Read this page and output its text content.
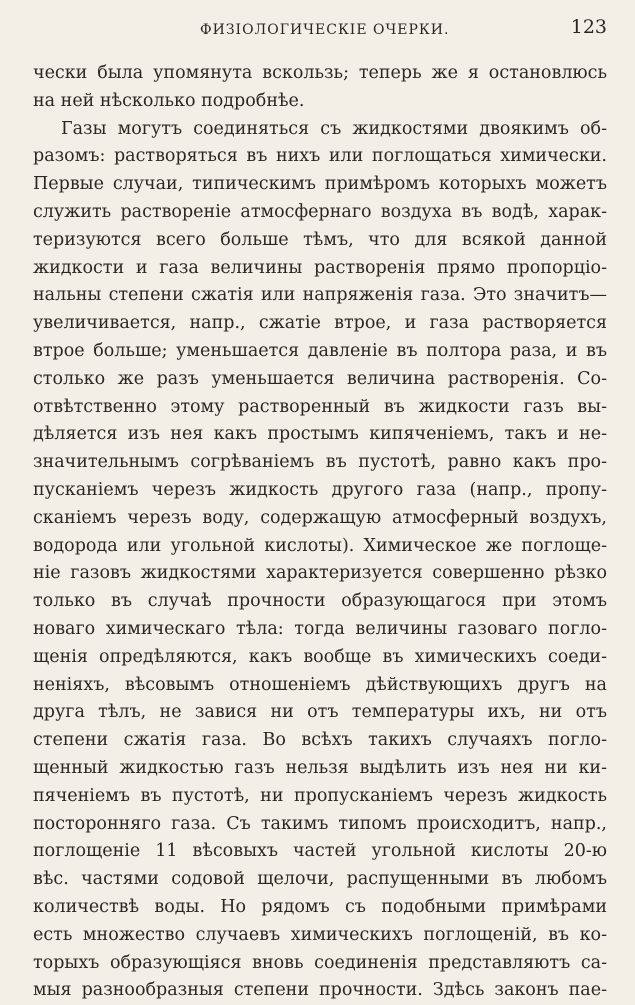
ФИЗІОЛОГИЧЕСКІЕ ОЧЕРКИ.	123
чески была упомянута вскользь; теперь же я остановлюсь
на ней нѣсколько подробнѣе.
Газы могутъ соединяться съ жидкостями двоякимъ об-
разомъ: растворяться въ нихъ или поглощаться химически.
Первые случаи, типическимъ примѣромъ которыхъ можетъ
служить раствореніе атмосфернаго воздуха въ водѣ, харак-
теризуются всего больше тѣмъ, что для всякой данной
жидкости и газа величины растворенія прямо пропорціо-
нальны степени сжатія или напряженія газа. Это значитъ—
увеличивается, напр., сжатіе втрое, и газа растворяется
втрое больше; уменьшается давленіе въ полтора раза, и въ
столько же разъ уменьшается величина растворенія. Со-
отвѣтственно этому растворенный въ жидкости газъ вы-
дѣляется изъ нея какъ простымъ кипяченіемъ, такъ и не-
значительнымъ согрѣваніемъ въ пустотѣ, равно какъ про-
пусканіемъ черезъ жидкость другого газа (напр., пропу-
сканіемъ черезъ воду, содержащую атмосферный воздухъ,
водорода или угольной кислоты). Химическое же поглоще-
ніе газовъ жидкостями характеризуется совершенно рѣзко
только въ случаѣ прочности образующагося при этомъ
новаго химическаго тѣла: тогда величины газоваго погло-
щенія опредѣляются, какъ вообще въ химическихъ соеди-
неніяхъ, вѣсовымъ отношеніемъ дѣйствующихъ другъ на
друга тѣлъ, не завися ни отъ температуры ихъ, ни отъ
степени сжатія газа. Во всѣхъ такихъ случаяхъ погло-
щенный жидкостью газъ нельзя выдѣлить изъ нея ни ки-
пяченіемъ въ пустотѣ, ни пропусканіемъ черезъ жидкость
посторонняго газа. Съ такимъ типомъ происходитъ, напр.,
поглощеніе 11 вѣсовыхъ частей угольной кислоты 20-ю
вѣс. частями содовой щелочи, распущенными въ любомъ
количествѣ воды. Но рядомъ съ подобными примѣрами
есть множество случаевъ химическихъ поглощеній, въ ко-
торыхъ образующіяся вновь соединенія представляютъ са-
мыя разнообразныя степени прочности. Здѣсь законъ пае-
